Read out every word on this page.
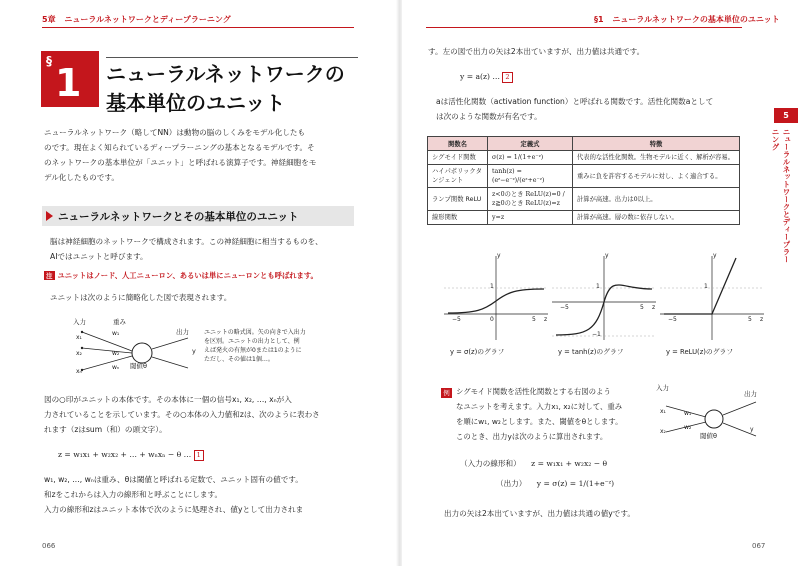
5章 ニューラルネットワークとディープラーニング
§ 1 ニューラルネットワークの
基本単位のユニット
ニューラルネットワーク（略してNN）は動物の脳のしくみをモデル化したも
のです。現在よく知られているディープラーニングの基本となるモデルです。そ
のネットワークの基本単位が「ユニット」と呼ばれる演算子です。神経細胞をモ
デル化したものです。
ニューラルネットワークとその基本単位のユニット
脳は神経細胞のネットワークで構成されます。この神経細胞に相当するものを、
AIではユニットと呼びます。
注 ユニットはノード、人工ニューロン、あるいは単にニューロンとも呼ばれます。
ユニットは次のように簡略化した図で表現されます。
入力	重み
出力
y
閾値θ
x₁
x₂
xₙ
w₁
w₂
wₙ
ユニットの略式図。矢の向きで入出力
を区別。ユニットの出力として、例
えば発火の有無が0または1のように
ただし、その値は1個…。
図の○印がユニットの本体です。その本体に一個の信号x₁, x₂, …, xₙが入
力されていることを示しています。その○本体の入力値和zは、次のように表わさ
れます（zはsum（和）の頭文字）。
z = w₁x₁ + w₂x₂ + … + wₙxₙ − θ … 1
w₁, w₂, …, wₙは重み、θは閾値と呼ばれる定数で、ユニット固有の値です。
和zをこれからは入力の線形和と呼ぶことにします。
入力の線形和zはユニット本体で次のように処理され、値yとして出力されま
066
§1 ニューラルネットワークの基本単位のユニット
す。左の図で出力の矢は2本出ていますが、出力値は共通です。
y = a(z) … 2
aは活性化関数（activation function）と呼ばれる関数です。活性化関数aとして
は次のような関数が有名です。
関数名	定義式	特徴
シグモイド関数	σ(z) = 1/(1+e⁻ᶻ)	代表的な活性化関数。生物モデルに近く、解析が容易。
ハイパボリックタンジェント	tanh(z) = (eᶻ−e⁻ᶻ)/(eᶻ+e⁻ᶻ)	重みに負を許容するモデルに対し、よく適合する。
ランプ関数 ReLU	z<0のとき ReLU(z)=0 / z≧0のとき ReLU(z)=z	計算が高速。出力は0以上。
線形関数	y=z	計算が高速。層の数に依存しない。
y
z
−5	0	5
1
y = σ(z)のグラフ
y
z
−5	5
1
−1
y = tanh(z)のグラフ
y
z
−5	5
1
y = ReLU(z)のグラフ
例 シグモイド関数を活性化関数とする右図のよう
なユニットを考えます。入力x₁, x₂に対して、重み
を順にw₁, w₂とします。また、閾値をθとします。
このとき、出力yは次のように算出されます。
入力
出力
閾値θ
x₁
x₂
w₁
w₂	y
（入力の線形和） z = w₁x₁ + w₂x₂ − θ
（出力） y = σ(z) = 1/(1+e⁻ᶻ)
出力の矢は2本出ていますが、出力値は共通の値yです。
067
5
ニューラルネットワークとディープラーニング
